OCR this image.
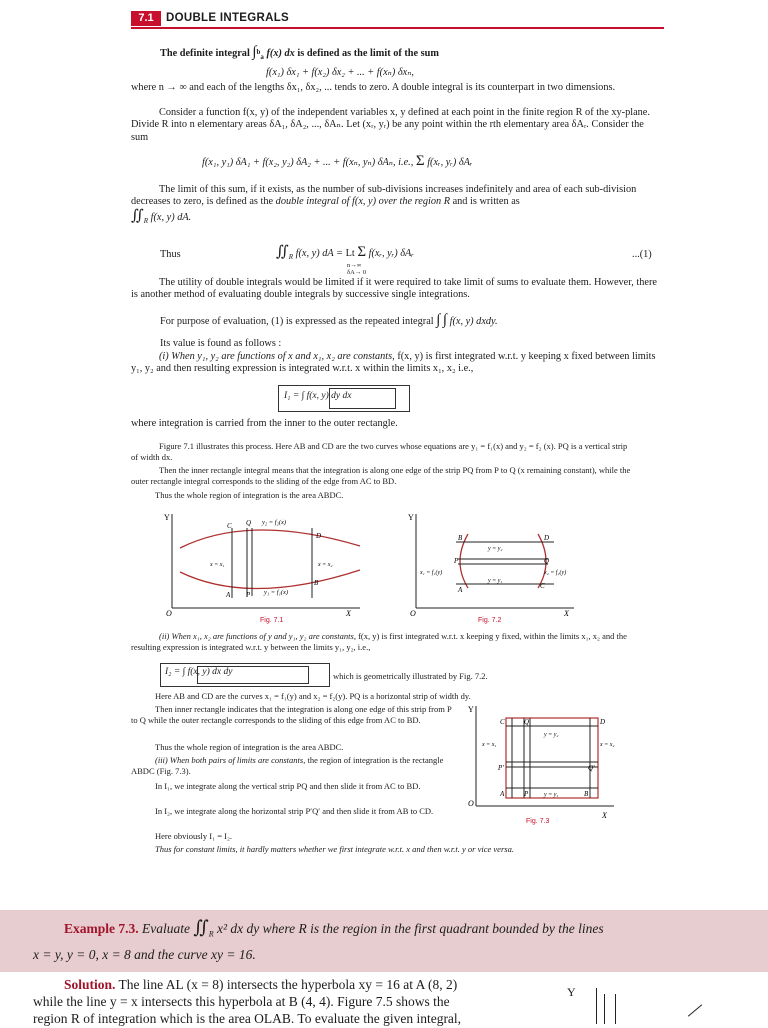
7.1	DOUBLE INTEGRALS
The definite integral ∫$^b_a$ f(x) dx is defined as the limit of the sum
f(x₁) δx₁ + f(x₂) δx₂ + ... + f(xₙ) δxₙ,
where n → ∞ and each of the lengths δx₁, δx₂, ... tends to zero. A double integral is its counterpart in two dimensions.
Consider a function f(x, y) of the independent variables x, y defined at each point in the finite region R of the xy-plane. Divide R into n elementary areas δA₁, δA₂, ..., δAₙ. Let (xᵣ, yᵣ) be any point within the rth elementary area δAᵣ. Consider the sum
f(x₁, y₁) δA₁ + f(x₂, y₂) δA₂ + ... + f(xₙ, yₙ) δAₙ, i.e., Σ f(xᵣ, yᵣ) δAᵣ
The limit of this sum, if it exists, as the number of sub-divisions increases indefinitely and area of each sub-division decreases to zero, is defined as the double integral of f(x, y) over the region R and is written as
$∬_R$ f(x, y) dA.
Thus	$∬_R$ f(x, y) dA = Lt Σ f(xᵣ, yᵣ) δAᵣ
n→∞ δA→ 0
...(1)
The utility of double integrals would be limited if it were required to take limit of sums to evaluate them. However, there is another method of evaluating double integrals by successive single integrations.
For purpose of evaluation, (1) is expressed as the repeated integral ∫ ∫ f(x, y) dxdy.
Its value is found as follows :
(i) When y₁, y₂ are functions of x and x₁, x₂ are constants, f(x, y) is first integrated w.r.t. y keeping x fixed between limits y₁, y₂ and then resulting expression is integrated w.r.t. x within the limits x₁, x₂ i.e.,
I₁ = ∫ f(x, y) dy dx
where integration is carried from the inner to the outer rectangle.
Figure 7.1 illustrates this process. Here AB and CD are the two curves whose equations are y₁ = f₁(x) and y₂ = f₂ (x). PQ is a vertical strip of width dx.
Then the inner rectangle integral means that the integration is along one edge of the strip PQ from P to Q (x remaining constant), while the outer rectangle integral corresponds to the sliding of the edge from AC to BD.
Thus the whole region of integration is the area ABDC.
Y
O	X
C Q y₂ = f₂(x)
D
x = x₁	x = x₂
A P y₁ = f₁(x)
B
Fig. 7.1
Y
O	X
B	D
y = y₂
P	Q
x₁ = f₁(y)	x₂ = f₂(y)
y = y₁
A	C
Fig. 7.2
(ii) When x₁, x₂ are functions of y and y₁, y₂ are constants, f(x, y) is first integrated w.r.t. x keeping y fixed, within the limits x₁, x₂ and the resulting expression is integrated w.r.t. y between the limits y₁, y₂, i.e.,
I₂ = ∫ f(x, y) dx dy	which is geometrically illustrated by Fig. 7.2.
Here AB and CD are the curves x₁ = f₁(y) and x₂ = f₂(y). PQ is a horizontal strip of width dy.
Then inner rectangle indicates that the integration is along one edge of this strip from P to Q while the outer rectangle corresponds to the sliding of this edge from AC to BD.
Thus the whole region of integration is the area ABDC.
(iii) When both pairs of limits are constants, the region of integration is the rectangle ABDC (Fig. 7.3).
In I₁, we integrate along the vertical strip PQ and then slide it from AC to BD.
In I₂, we integrate along the horizontal strip P′Q′ and then slide it from AB to CD.
Here obviously I₁ = I₂.
Thus for constant limits, it hardly matters whether we first integrate w.r.t. x and then w.r.t. y or vice versa.
Y
O
X
C	Q	D
y = y₂
x = x₁	x = x₂
P′	Q′
A	P	y = y₁	B
Fig. 7.3
Example 7.3. Evaluate $∬_R$ x² dx dy where R is the region in the first quadrant bounded by the lines
x = y, y = 0, x = 8 and the curve xy = 16.
Solution. The line AL (x = 8) intersects the hyperbola xy = 16 at A (8, 2)
while the line y = x intersects this hyperbola at B (4, 4). Figure 7.5 shows the
region R of integration which is the area OLAB. To evaluate the given integral,
Y
